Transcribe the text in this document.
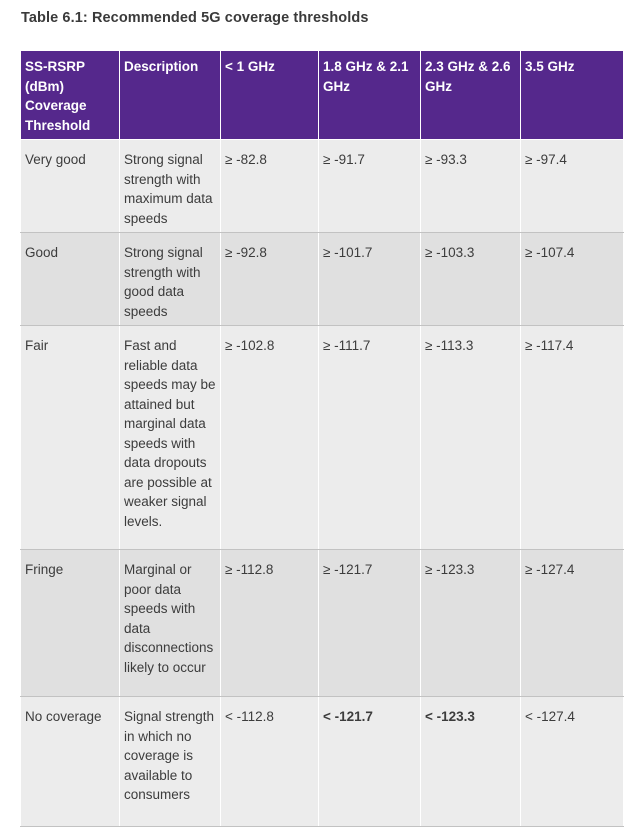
Table 6.1: Recommended 5G coverage thresholds
SS-RSRP (dBm) Coverage Threshold	Description	< 1 GHz	1.8 GHz & 2.1 GHz	2.3 GHz & 2.6 GHz	3.5 GHz
Very good	Strong signal strength with maximum data speeds	≥ -82.8	≥ -91.7	≥ -93.3	≥ -97.4
Good	Strong signal strength with good data speeds	≥ -92.8	≥ -101.7	≥ -103.3	≥ -107.4
Fair	Fast and reliable data speeds may be attained but marginal data speeds with data dropouts are possible at weaker signal levels.	≥ -102.8	≥ -111.7	≥ -113.3	≥ -117.4
Fringe	Marginal or poor data speeds with data disconnections likely to occur	≥ -112.8	≥ -121.7	≥ -123.3	≥ -127.4
No coverage	Signal strength in which no coverage is available to consumers	< -112.8	< -121.7	< -123.3	< -127.4
